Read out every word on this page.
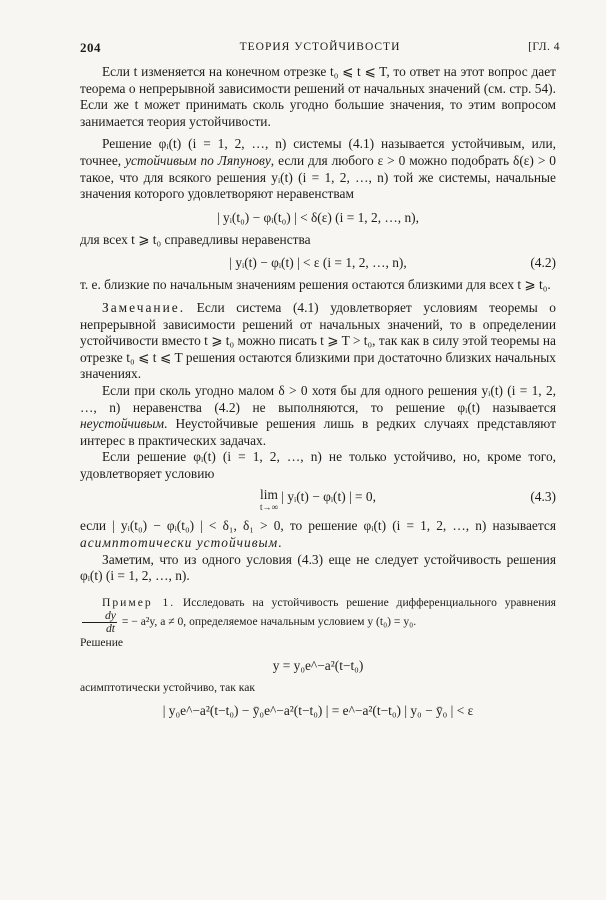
204	ТЕОРИЯ УСТОЙЧИВОСТИ	[ГЛ. 4

Если t изменяется на конечном отрезке t₀ ⩽ t ⩽ T, то ответ на этот вопрос дает теорема о непрерывной зависимости решений от начальных значений (см. стр. 54). Если же t может принимать сколь угодно большие значения, то этим вопросом занимается теория устойчивости.

Решение φᵢ(t) (i = 1, 2, …, n) системы (4.1) называется устойчивым, или, точнее, устойчивым по Ляпунову, если для любого ε > 0 можно подобрать δ(ε) > 0 такое, что для всякого решения yᵢ(t) (i = 1, 2, …, n) той же системы, начальные значения которого удовлетворяют неравенствам

| yᵢ(t₀) − φᵢ(t₀) | < δ(ε) (i = 1, 2, …, n),

для всех t ⩾ t₀ справедливы неравенства

| yᵢ(t) − φᵢ(t) | < ε (i = 1, 2, …, n),	(4.2)

т. е. близкие по начальным значениям решения остаются близкими для всех t ⩾ t₀.

Замечание. Если система (4.1) удовлетворяет условиям теоремы о непрерывной зависимости решений от начальных значений, то в определении устойчивости вместо t ⩾ t₀ можно писать t ⩾ T > t₀, так как в силу этой теоремы на отрезке t₀ ⩽ t ⩽ T решения остаются близкими при достаточно близких начальных значениях.

Если при сколь угодно малом δ > 0 хотя бы для одного решения yᵢ(t) (i = 1, 2, …, n) неравенства (4.2) не выполняются, то решение φᵢ(t) называется неустойчивым. Неустойчивые решения лишь в редких случаях представляют интерес в практических задачах.

Если решение φᵢ(t) (i = 1, 2, …, n) не только устойчиво, но, кроме того, удовлетворяет условию

lim
t→∞
| yᵢ(t) − φᵢ(t) | = 0,	(4.3)

если | yᵢ(t₀) − φᵢ(t₀) | < δ₁, δ₁ > 0, то решение φᵢ(t) (i = 1, 2, …, n) называется асимптотически устойчивым.

Заметим, что из одного условия (4.3) еще не следует устойчивость решения φᵢ(t) (i = 1, 2, …, n).

Пример 1. Исследовать на устойчивость решение дифференциального уравнения
$\frac{dy}{dt}$ = − a²y, a ≠ 0, определяемое начальным условием y (t₀) = y₀.

Решение

y = y₀e^−a²(t−t₀)

асимптотически устойчиво, так как

| y₀e^−a²(t−t₀) − ȳ₀e^−a²(t−t₀) | = e^−a²(t−t₀) | y₀ − ȳ₀ | < ε
